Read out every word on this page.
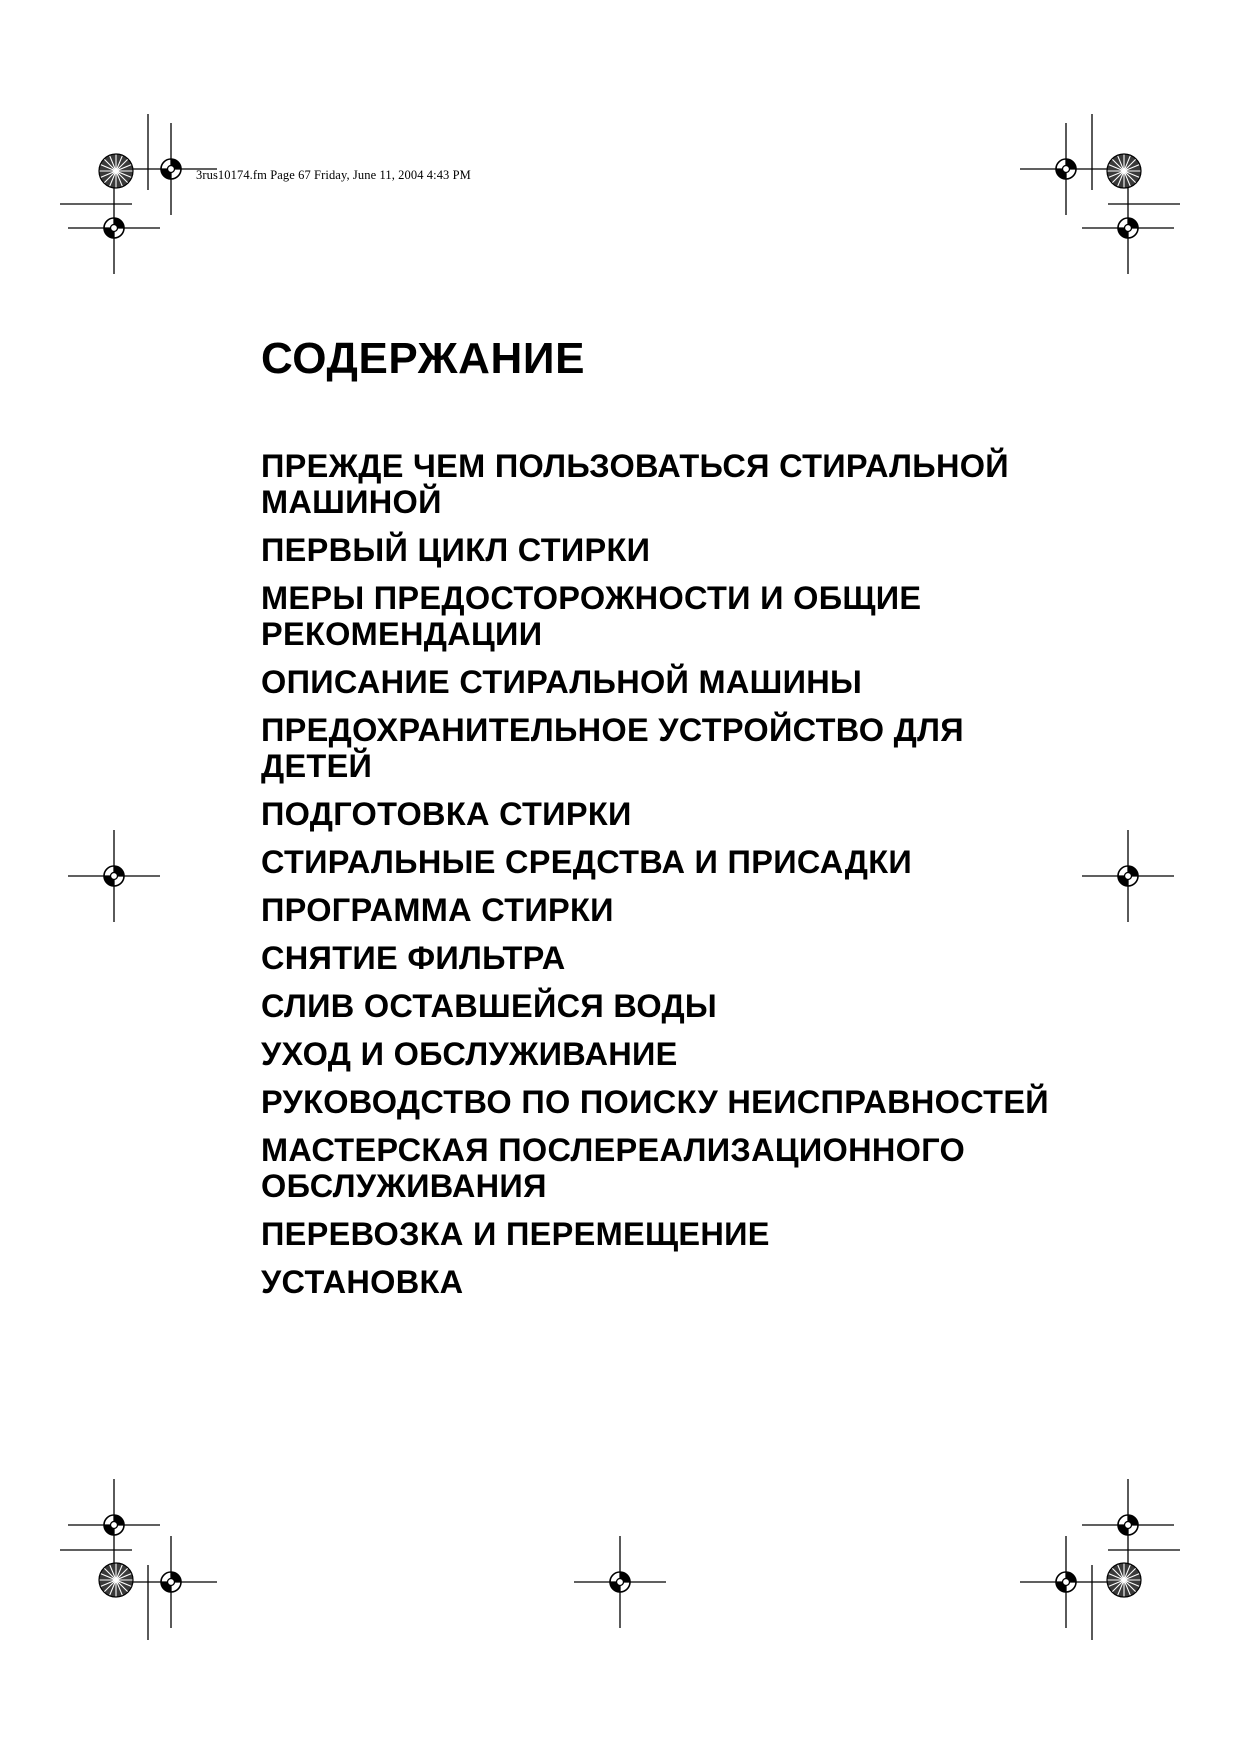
3rus10174.fm Page 67 Friday, June 11, 2004 4:43 PM
СОДЕРЖАНИЕ
ПРЕЖДЕ ЧЕМ ПОЛЬЗОВАТЬСЯ СТИРАЛЬНОЙ МАШИНОЙ
ПЕРВЫЙ ЦИКЛ СТИРКИ
МЕРЫ ПРЕДОСТОРОЖНОСТИ И ОБЩИЕ РЕКОМЕНДАЦИИ
ОПИСАНИЕ СТИРАЛЬНОЙ МАШИНЫ
ПРЕДОХРАНИТЕЛЬНОЕ УСТРОЙСТВО ДЛЯ ДЕТЕЙ
ПОДГОТОВКА СТИРКИ
СТИРАЛЬНЫЕ СРЕДСТВА И ПРИСАДКИ
ПРОГРАММА СТИРКИ
СНЯТИЕ ФИЛЬТРА
СЛИВ ОСТАВШЕЙСЯ ВОДЫ
УХОД И ОБСЛУЖИВАНИЕ
РУКОВОДСТВО ПО ПОИСКУ НЕИСПРАВНОСТЕЙ
МАСТЕРСКАЯ ПОСЛЕРЕАЛИЗАЦИОННОГО ОБСЛУЖИВАНИЯ
ПЕРЕВОЗКА И ПЕРЕМЕЩЕНИЕ
УСТАНОВКА
